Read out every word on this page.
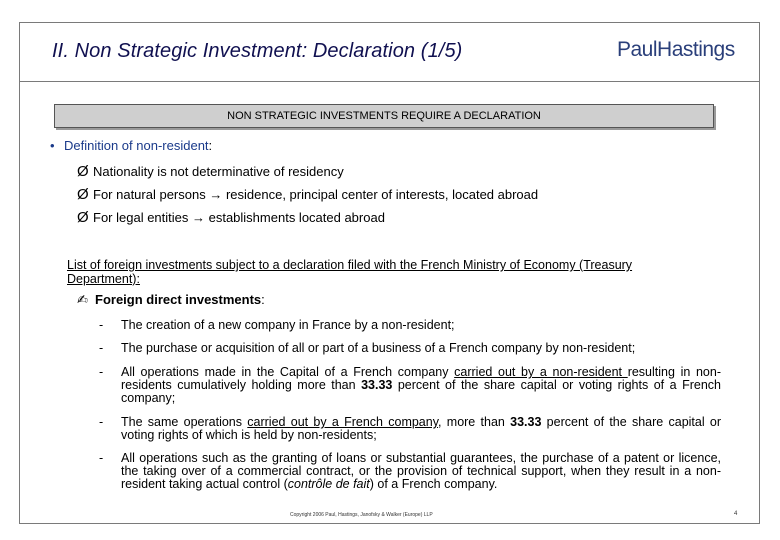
II. Non Strategic Investment: Declaration (1/5)	PaulHastings
NON STRATEGIC INVESTMENTS REQUIRE A DECLARATION
• Definition of non-resident:
Ø Nationality is not determinative of residency
Ø For natural persons → residence, principal center of interests, located abroad
Ø For legal entities → establishments located abroad
List of foreign investments subject to a declaration filed with the French Ministry of Economy (Treasury Department):
✍ Foreign direct investments:
- The creation of a new company in France by a non-resident;
- The purchase or acquisition of all or part of a business of a French company by non-resident;
- All operations made in the Capital of a French company carried out by a non-resident resulting in non-residents cumulatively holding more than 33.33 percent of the share capital or voting rights of a French company;
- The same operations carried out by a French company, more than 33.33 percent of the share capital or voting rights of which is held by non-residents;
- All operations such as the granting of loans or substantial guarantees, the purchase of a patent or licence, the taking over of a commercial contract, or the provision of technical support, when they result in a non-resident taking actual control (contrôle de fait) of a French company.
Copyright 2006 Paul, Hastings, Janofsky & Walker (Europe) LLP	4
